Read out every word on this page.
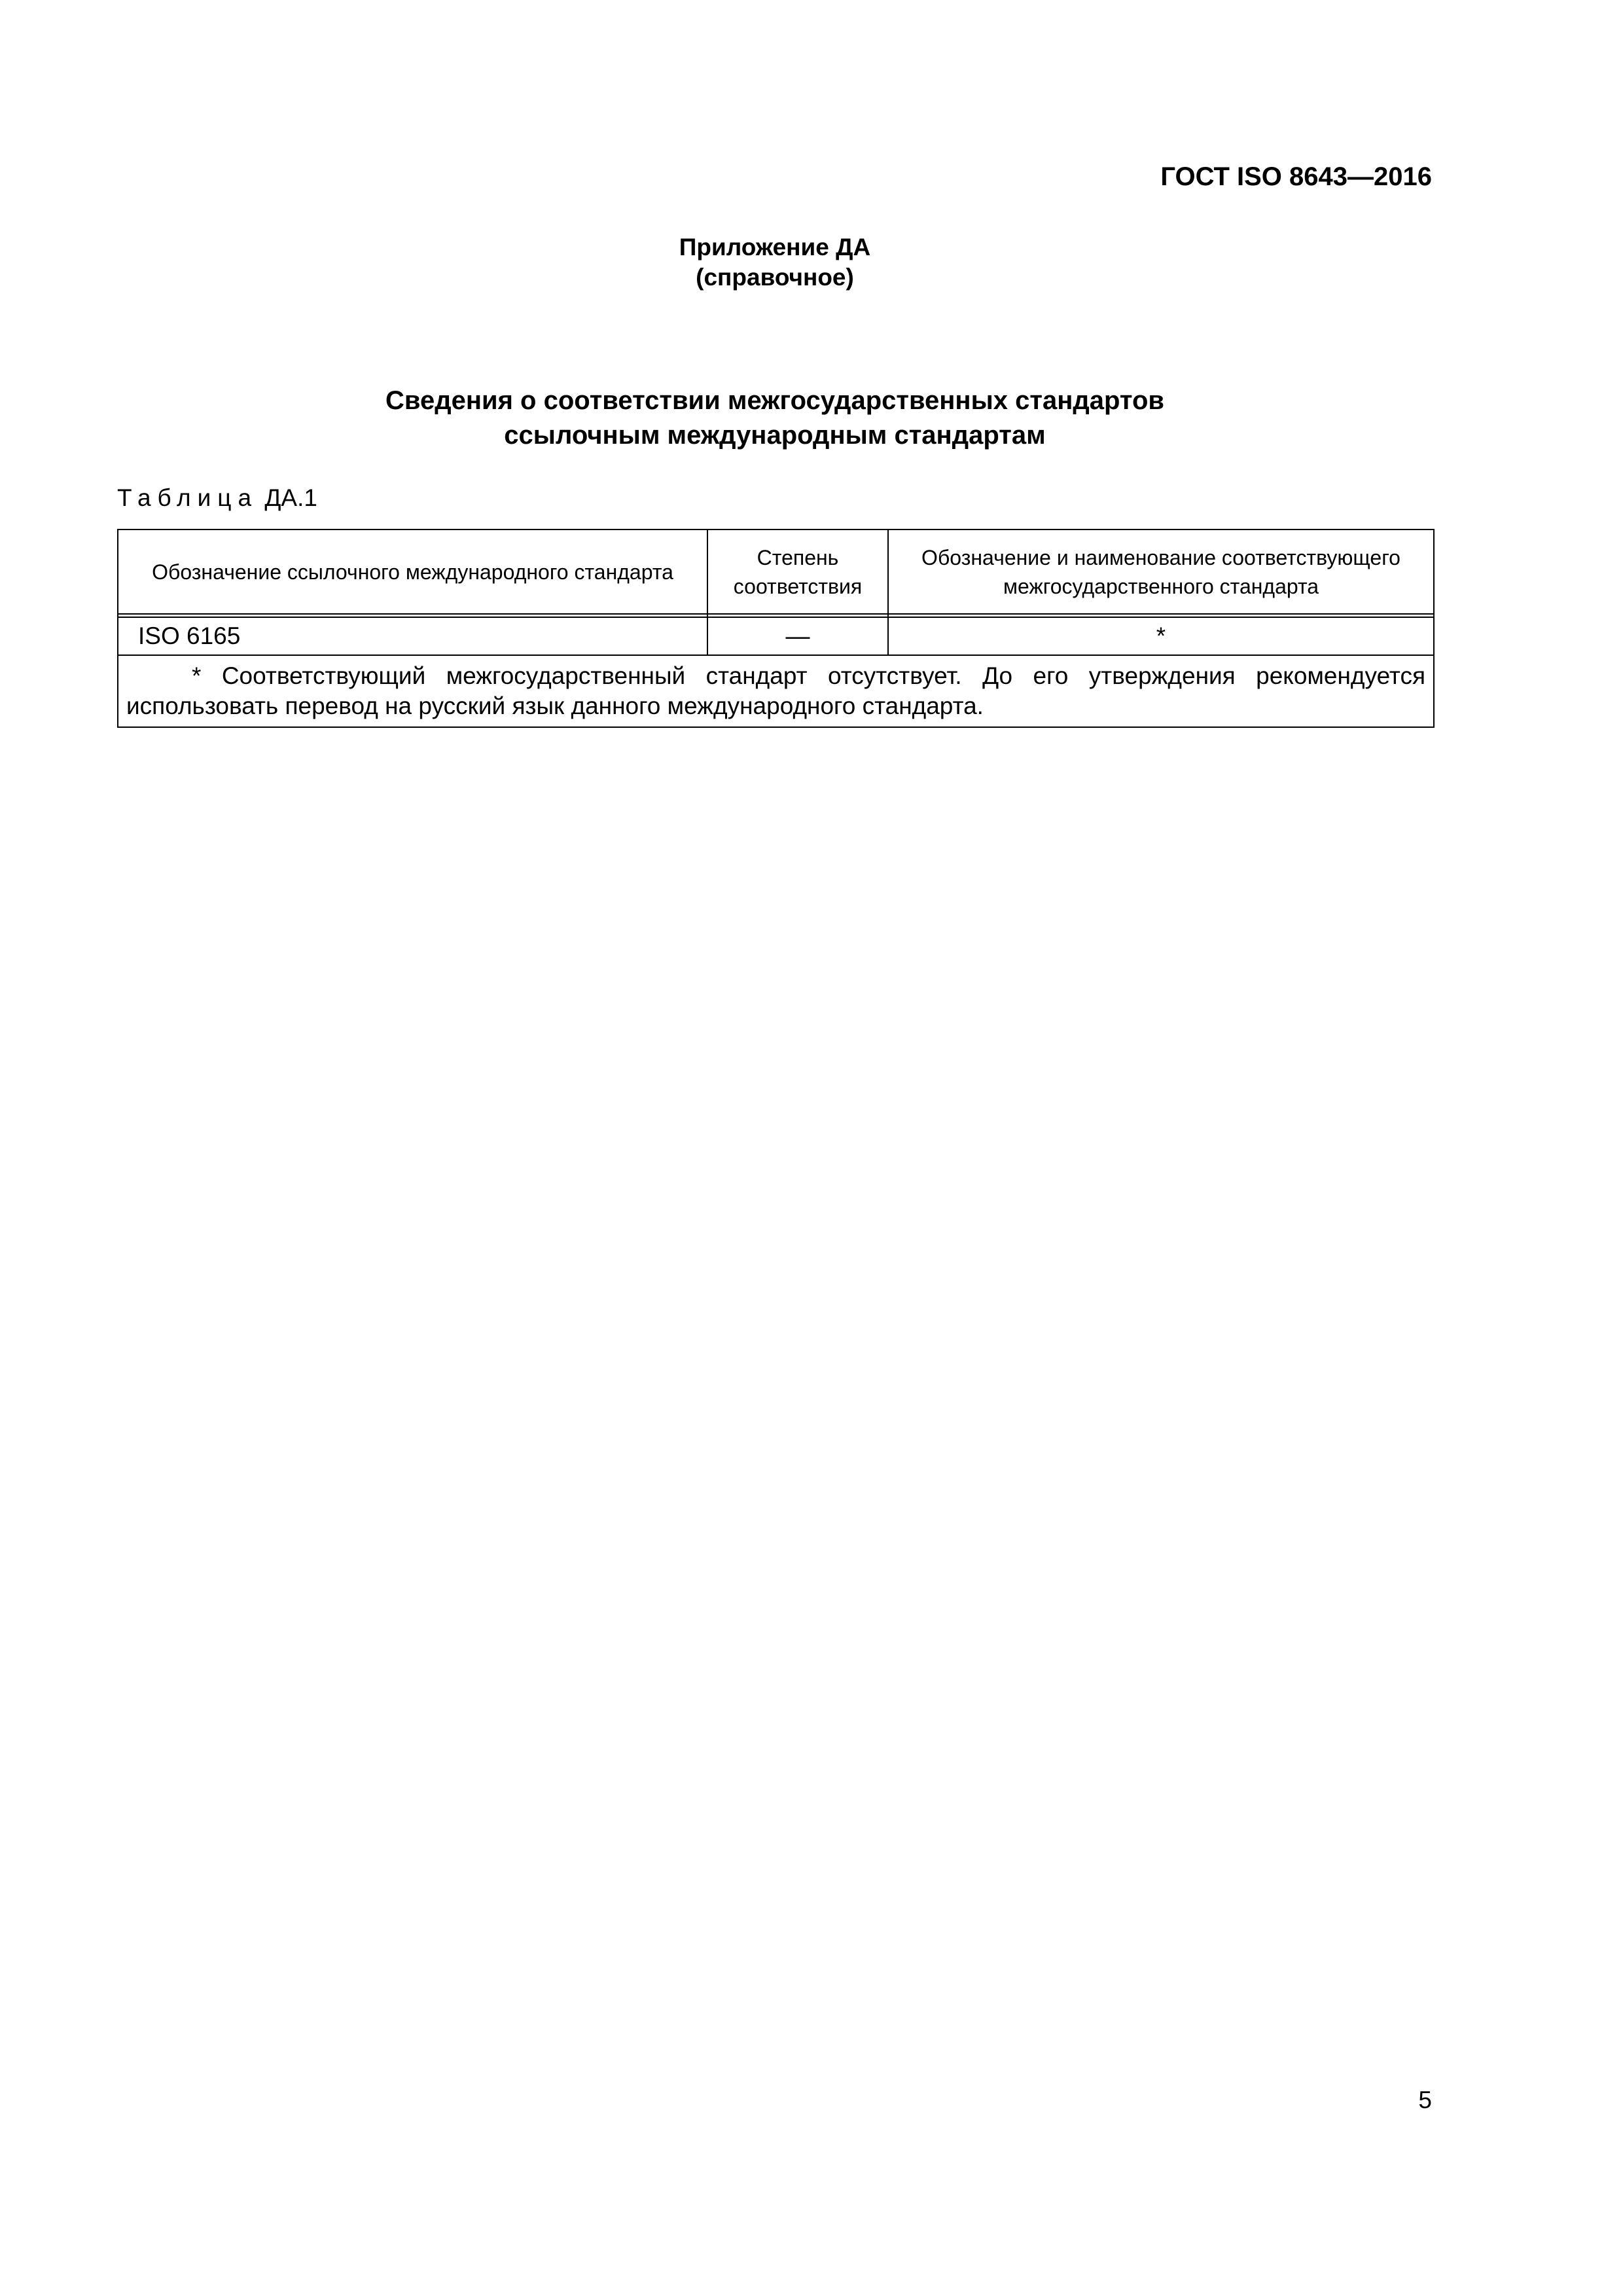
ГОСТ ISO 8643—2016
Приложение ДА
(справочное)
Сведения о соответствии межгосударственных стандартов
ссылочным международным стандартам
Таблица ДА.1
Обозначение ссылочного международного стандарта	Степень соответствия	Обозначение и наименование соответствующего межгосударственного стандарта

ISO 6165	—	*
* Соответствующий межгосударственный стандарт отсутствует. До его утверждения рекомендуется использовать перевод на русский язык данного международного стандарта.		
5
